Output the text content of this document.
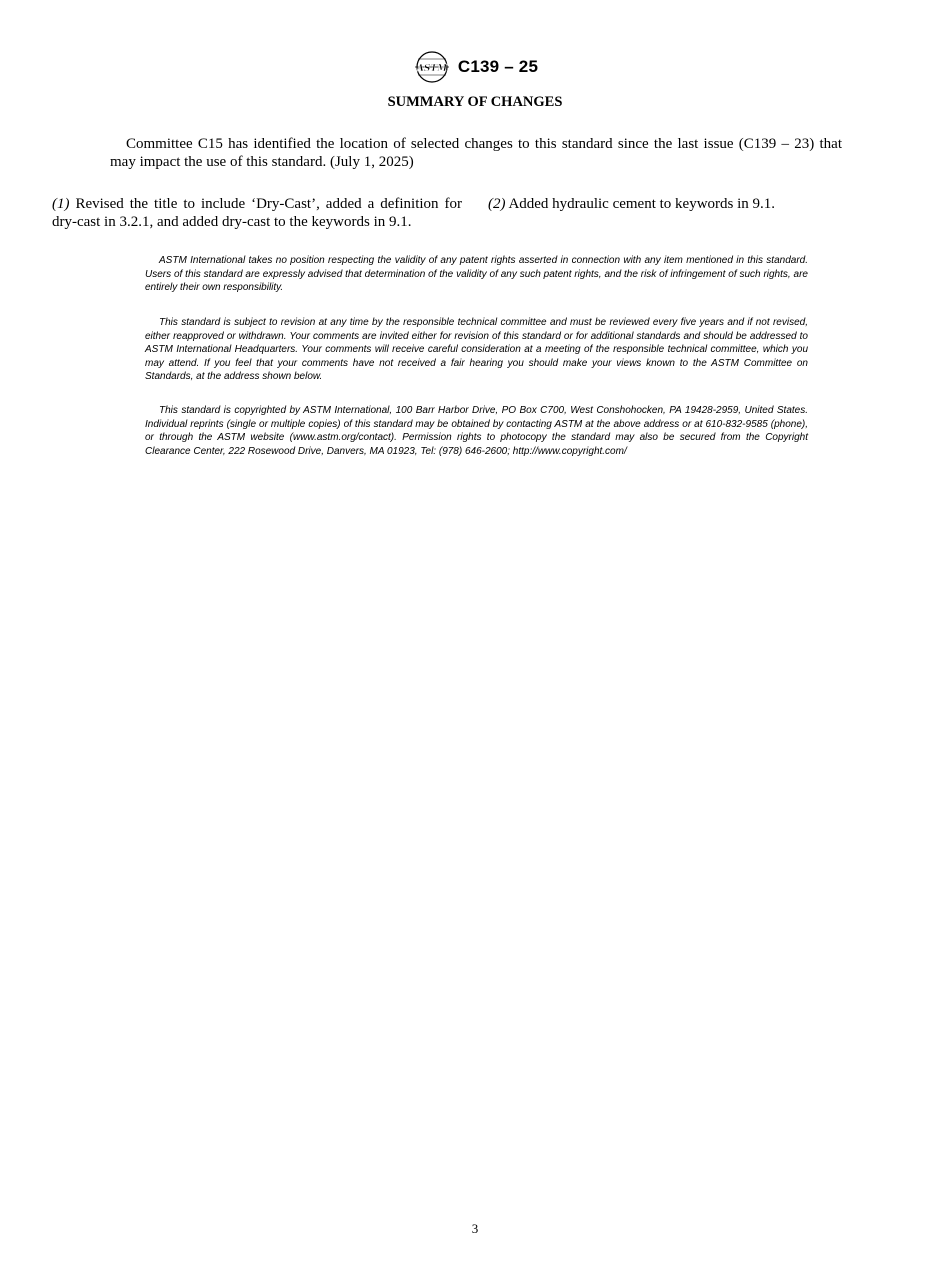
ASTM C139 – 25
SUMMARY OF CHANGES

Committee C15 has identified the location of selected changes to this standard since the last issue (C139 – 23) that may impact the use of this standard. (July 1, 2025)

(1) Revised the title to include ‘Dry-Cast’, added a definition for dry-cast in 3.2.1, and added dry-cast to the keywords in 9.1.

(2) Added hydraulic cement to keywords in 9.1.

ASTM International takes no position respecting the validity of any patent rights asserted in connection with any item mentioned in this standard. Users of this standard are expressly advised that determination of the validity of any such patent rights, and the risk of infringement of such rights, are entirely their own responsibility.

This standard is subject to revision at any time by the responsible technical committee and must be reviewed every five years and if not revised, either reapproved or withdrawn. Your comments are invited either for revision of this standard or for additional standards and should be addressed to ASTM International Headquarters. Your comments will receive careful consideration at a meeting of the responsible technical committee, which you may attend. If you feel that your comments have not received a fair hearing you should make your views known to the ASTM Committee on Standards, at the address shown below.

This standard is copyrighted by ASTM International, 100 Barr Harbor Drive, PO Box C700, West Conshohocken, PA 19428-2959, United States. Individual reprints (single or multiple copies) of this standard may be obtained by contacting ASTM at the above address or at 610-832-9585 (phone), or through the ASTM website (www.astm.org/contact). Permission rights to photocopy the standard may also be secured from the Copyright Clearance Center, 222 Rosewood Drive, Danvers, MA 01923, Tel: (978) 646-2600; http://www.copyright.com/

3
